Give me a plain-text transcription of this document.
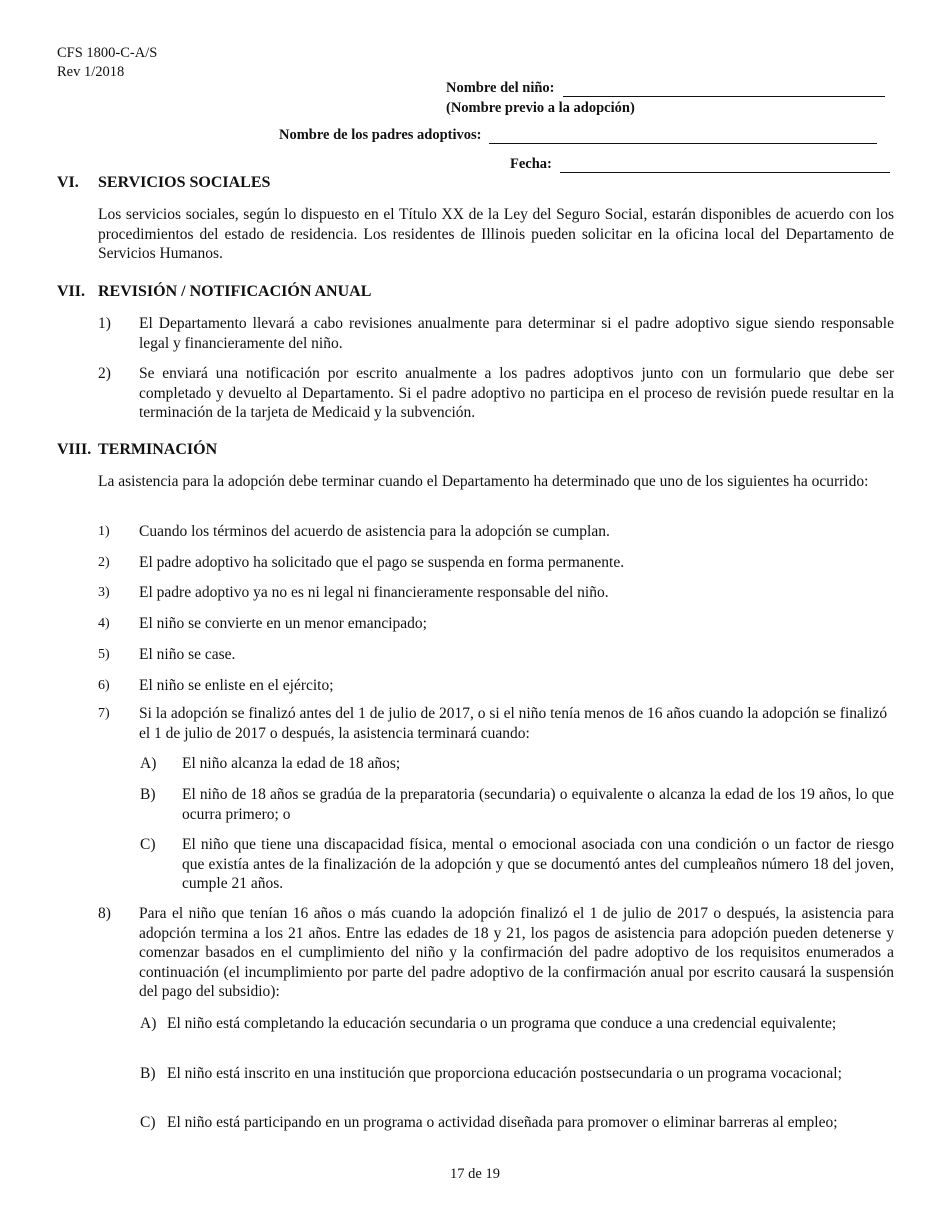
CFS 1800-C-A/S
Rev 1/2018
Nombre del niño:
(Nombre previo a la adopción)
Nombre de los padres adoptivos:
Fecha:
VI.	SERVICIOS SOCIALES
Los servicios sociales, según lo dispuesto en el Título XX de la Ley del Seguro Social, estarán disponibles de acuerdo con los procedimientos del estado de residencia. Los residentes de Illinois pueden solicitar en la oficina local del Departamento de Servicios Humanos.
VII. REVISIÓN / NOTIFICACIÓN ANUAL
1)	El Departamento llevará a cabo revisiones anualmente para determinar si el padre adoptivo sigue siendo responsable legal y financieramente del niño.
2)	Se enviará una notificación por escrito anualmente a los padres adoptivos junto con un formulario que debe ser completado y devuelto al Departamento. Si el padre adoptivo no participa en el proceso de revisión puede resultar en la terminación de la tarjeta de Medicaid y la subvención.
VIII. TERMINACIÓN
La asistencia para la adopción debe terminar cuando el Departamento ha determinado que uno de los siguientes ha ocurrido:
1)	Cuando los términos del acuerdo de asistencia para la adopción se cumplan.
2)	El padre adoptivo ha solicitado que el pago se suspenda en forma permanente.
3)	El padre adoptivo ya no es ni legal ni financieramente responsable del niño.
4)	El niño se convierte en un menor emancipado;
5)	El niño se case.
6)	El niño se enliste en el ejército;
7)	Si la adopción se finalizó antes del 1 de julio de 2017, o si el niño tenía menos de 16 años cuando la adopción se finalizó el 1 de julio de 2017 o después, la asistencia terminará cuando:
A)	El niño alcanza la edad de 18 años;
B)	El niño de 18 años se gradúa de la preparatoria (secundaria) o equivalente o alcanza la edad de los 19 años, lo que ocurra primero; o
C)	El niño que tiene una discapacidad física, mental o emocional asociada con una condición o un factor de riesgo que existía antes de la finalización de la adopción y que se documentó antes del cumpleaños número 18 del joven, cumple 21 años.
8)	Para el niño que tenían 16 años o más cuando la adopción finalizó el 1 de julio de 2017 o después, la asistencia para adopción termina a los 21 años. Entre las edades de 18 y 21, los pagos de asistencia para adopción pueden detenerse y comenzar basados en el cumplimiento del niño y la confirmación del padre adoptivo de los requisitos enumerados a continuación (el incumplimiento por parte del padre adoptivo de la confirmación anual por escrito causará la suspensión del pago del subsidio):
A) El niño está completando la educación secundaria o un programa que conduce a una credencial equivalente;
B) El niño está inscrito en una institución que proporciona educación postsecundaria o un programa vocacional;
C) El niño está participando en un programa o actividad diseñada para promover o eliminar barreras al empleo;
17 de 19
